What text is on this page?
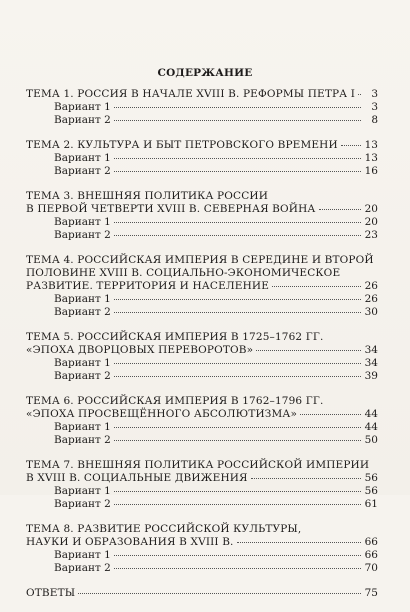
СОДЕРЖАНИЕ
ТЕМА 1. РОССИЯ В НАЧАЛЕ XVIII В. РЕФОРМЫ ПЕТРА I	3
Вариант 1	3
Вариант 2	8
ТЕМА 2. КУЛЬТУРА И БЫТ ПЕТРОВСКОГО ВРЕМЕНИ	13
Вариант 1	13
Вариант 2	16
ТЕМА 3. ВНЕШНЯЯ ПОЛИТИКА РОССИИ
В ПЕРВОЙ ЧЕТВЕРТИ XVIII В. СЕВЕРНАЯ ВОЙНА	20
Вариант 1	20
Вариант 2	23
ТЕМА 4. РОССИЙСКАЯ ИМПЕРИЯ В СЕРЕДИНЕ И ВТОРОЙ
ПОЛОВИНЕ XVIII В. СОЦИАЛЬНО-ЭКОНОМИЧЕСКОЕ
РАЗВИТИЕ. ТЕРРИТОРИЯ И НАСЕЛЕНИЕ	26
Вариант 1	26
Вариант 2	30
ТЕМА 5. РОССИЙСКАЯ ИМПЕРИЯ В 1725–1762 ГГ.
«ЭПОХА ДВОРЦОВЫХ ПЕРЕВОРОТОВ»	34
Вариант 1	34
Вариант 2	39
ТЕМА 6. РОССИЙСКАЯ ИМПЕРИЯ В 1762–1796 ГГ.
«ЭПОХА ПРОСВЕЩЁННОГО АБСОЛЮТИЗМА»	44
Вариант 1	44
Вариант 2	50
ТЕМА 7. ВНЕШНЯЯ ПОЛИТИКА РОССИЙСКОЙ ИМПЕРИИ
В XVIII В. СОЦИАЛЬНЫЕ ДВИЖЕНИЯ	56
Вариант 1	56
Вариант 2	61
ТЕМА 8. РАЗВИТИЕ РОССИЙСКОЙ КУЛЬТУРЫ,
НАУКИ И ОБРАЗОВАНИЯ В XVIII В.	66
Вариант 1	66
Вариант 2	70
ОТВЕТЫ	75
